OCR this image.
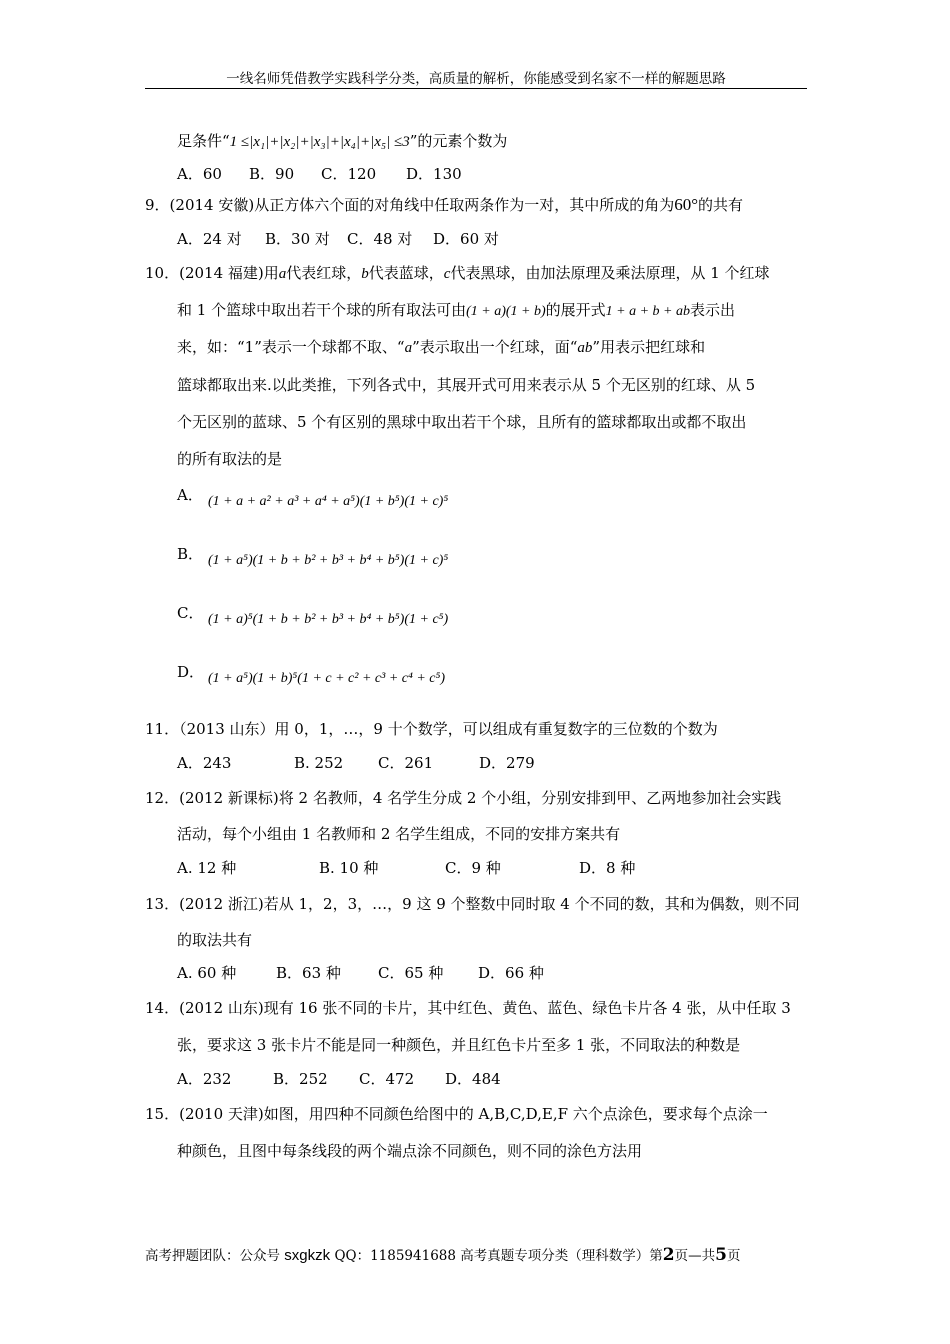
一线名师凭借教学实践科学分类，高质量的解析，你能感受到名家不一样的解题思路
足条件“1 ≤|x₁|+|x₂|+|x₃|+|x₄|+|x₅| ≤3”的元素个数为
A．60 B．90 C．120 D．130
9．(2014 安徽)从正方体六个面的对角线中任取两条作为一对，其中所成的角为60°的共有
A．24 对 B．30 对 C．48 对 D．60 对
10．(2014 福建)用a代表红球，b代表蓝球，c代表黑球，由加法原理及乘法原理，从 1 个红球
和 1 个篮球中取出若干个球的所有取法可由(1 + a)(1 + b)的展开式1 + a + b + ab表示出
来，如：“1”表示一个球都不取、“a”表示取出一个红球，面“ab”用表示把红球和
篮球都取出来.以此类推，下列各式中，其展开式可用来表示从 5 个无区别的红球、从 5
个无区别的蓝球、5 个有区别的黑球中取出若干个球，且所有的篮球都取出或都不取出
的所有取法的是
A． (1 + a + a² + a³ + a⁴ + a⁵)(1 + b⁵)(1 + c)⁵
B． (1 + a⁵)(1 + b + b² + b³ + b⁴ + b⁵)(1 + c)⁵
C． (1 + a)⁵(1 + b + b² + b³ + b⁴ + b⁵)(1 + c⁵)
D． (1 + a⁵)(1 + b)⁵(1 + c + c² + c³ + c⁴ + c⁵)
11．（2013 山东）用 0，1，…，9 十个数学，可以组成有重复数字的三位数的个数为
A．243	B. 252 C．261	D．279
12．(2012 新课标)将 2 名教师，4 名学生分成 2 个小组，分别安排到甲、乙两地参加社会实践
活动，每个小组由 1 名教师和 2 名学生组成，不同的安排方案共有
A. 12 种	B. 10 种	C．9 种	D．8 种
13．(2012 浙江)若从 1，2，3，…，9 这 9 个整数中同时取 4 个不同的数，其和为偶数，则不同
的取法共有
A. 60 种	B．63 种 C．65 种 D．66 种
14．(2012 山东)现有 16 张不同的卡片，其中红色、黄色、蓝色、绿色卡片各 4 张，从中任取 3
张，要求这 3 张卡片不能是同一种颜色，并且红色卡片至多 1 张，不同取法的种数是
A．232	B．252 C．472 D．484
15．(2010 天津)如图，用四种不同颜色给图中的 A,B,C,D,E,F 六个点涂色，要求每个点涂一
种颜色，且图中每条线段的两个端点涂不同颜色，则不同的涂色方法用
高考押题团队：公众号 sxgkzk QQ：1185941688 高考真题专项分类（理科数学）第2页—共5页
